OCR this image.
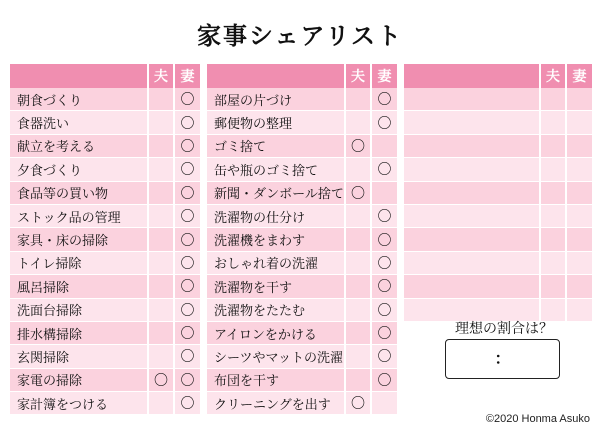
家事シェアリスト
	夫	妻
朝食づくり		〇
食器洗い		〇
献立を考える		〇
夕食づくり		〇
食品等の買い物		〇
ストック品の管理		〇
家具・床の掃除		〇
トイレ掃除		〇
風呂掃除		〇
洗面台掃除		〇
排水構掃除		〇
玄関掃除		〇
家電の掃除	〇	〇
家計簿をつける		〇
	夫	妻
部屋の片づけ		〇
郵便物の整理		〇
ゴミ捨て	〇	
缶や瓶のゴミ捨て		〇
新聞・ダンボール捨て	〇	
洗濯物の仕分け		〇
洗濯機をまわす		〇
おしゃれ着の洗濯		〇
洗濯物を干す		〇
洗濯物をたたむ		〇
アイロンをかける		〇
シーツやマットの洗濯		〇
布団を干す		〇
クリーニングを出す	〇	
	夫	妻

理想の割合は？
：
©2020 Honma Asuko
